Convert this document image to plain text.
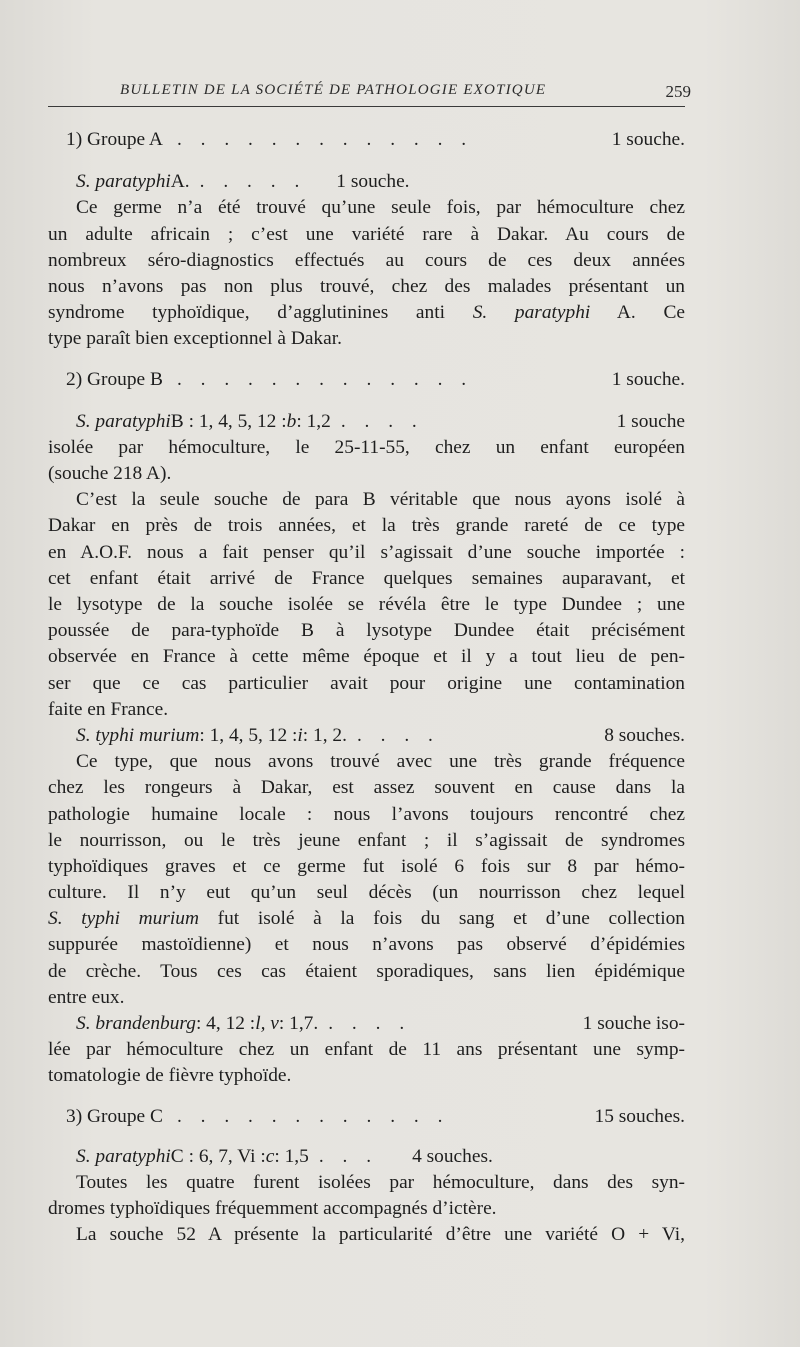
BULLETIN DE LA SOCIÉTÉ DE PATHOLOGIE EXOTIQUE	259
1) Groupe A . . . . . . . . . . . . .	1 souche.
S. paratyphi A. . . . . .	1 souche.
Ce germe n’a été trouvé qu’une seule fois, par hémoculture chez
un adulte africain ; c’est une variété rare à Dakar. Au cours de
nombreux séro-diagnostics effectués au cours de ces deux années
nous n’avons pas non plus trouvé, chez des malades présentant un
syndrome typhoïdique, d’agglutinines anti S. paratyphi A. Ce
type paraît bien exceptionnel à Dakar.
2) Groupe B . . . . . . . . . . . . .	1 souche.
S. paratyphi B : 1, 4, 5, 12 : b : 1,2 . . . .	1 souche
isolée par hémoculture, le 25-11-55, chez un enfant européen
(souche 218 A).
C’est la seule souche de para B véritable que nous ayons isolé à
Dakar en près de trois années, et la très grande rareté de ce type
en A.O.F. nous a fait penser qu’il s’agissait d’une souche importée :
cet enfant était arrivé de France quelques semaines auparavant, et
le lysotype de la souche isolée se révéla être le type Dundee ; une
poussée de para-typhoïde B à lysotype Dundee était précisément
observée en France à cette même époque et il y a tout lieu de pen-
ser que ce cas particulier avait pour origine une contamination
faite en France.
S. typhi murium : 1, 4, 5, 12 : i : 1, 2. . . . .	8 souches.
Ce type, que nous avons trouvé avec une très grande fréquence
chez les rongeurs à Dakar, est assez souvent en cause dans la
pathologie humaine locale : nous l’avons toujours rencontré chez
le nourrisson, ou le très jeune enfant ; il s’agissait de syndromes
typhoïdiques graves et ce germe fut isolé 6 fois sur 8 par hémo-
culture. Il n’y eut qu’un seul décès (un nourrisson chez lequel
S. typhi murium fut isolé à la fois du sang et d’une collection
suppurée mastoïdienne) et nous n’avons pas observé d’épidémies
de crèche. Tous ces cas étaient sporadiques, sans lien épidémique
entre eux.
S. brandenburg : 4, 12 : l, v : 1,7. . . . .	1 souche iso-
lée par hémoculture chez un enfant de 11 ans présentant une symp-
tomatologie de fièvre typhoïde.
3) Groupe C . . . . . . . . . . . .	15 souches.
S. paratyphi C : 6, 7, Vi : c : 1,5 . . .	4 souches.
Toutes les quatre furent isolées par hémoculture, dans des syn-
dromes typhoïdiques fréquemment accompagnés d’ictère.
La souche 52 A présente la particularité d’être une variété O + Vi,
